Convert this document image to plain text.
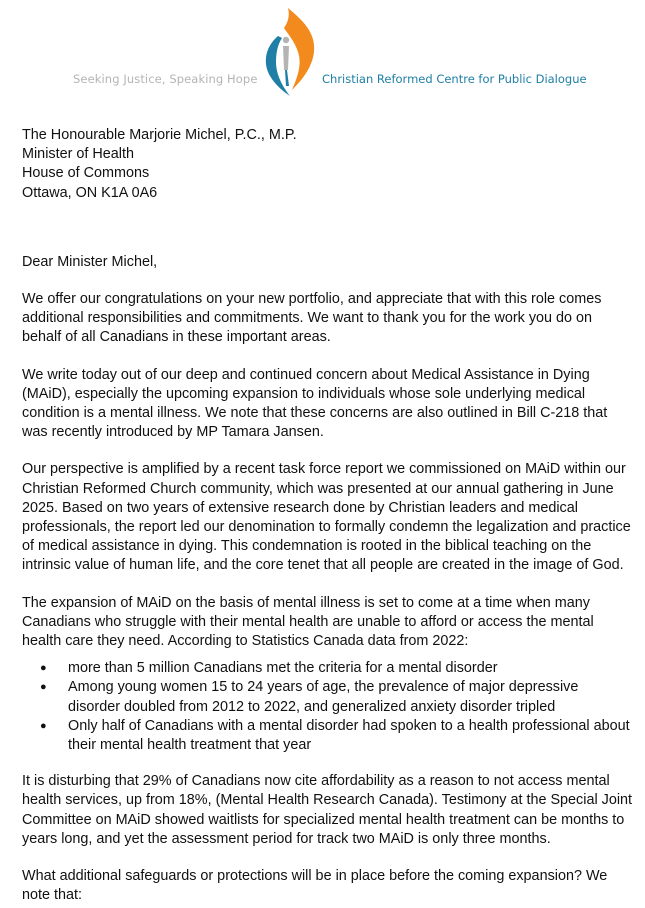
Seeking Justice, Speaking Hope	Christian Reformed Centre for Public Dialogue
The Honourable Marjorie Michel, P.C., M.P.
Minister of Health
House of Commons
Ottawa, ON K1A 0A6
Dear Minister Michel,

We offer our congratulations on your new portfolio, and appreciate that with this role comes additional responsibilities and commitments. We want to thank you for the work you do on behalf of all Canadians in these important areas.

We write today out of our deep and continued concern about Medical Assistance in Dying (MAiD), especially the upcoming expansion to individuals whose sole underlying medical condition is a mental illness. We note that these concerns are also outlined in Bill C-218 that was recently introduced by MP Tamara Jansen.

Our perspective is amplified by a recent task force report we commissioned on MAiD within our Christian Reformed Church community, which was presented at our annual gathering in June 2025. Based on two years of extensive research done by Christian leaders and medical professionals, the report led our denomination to formally condemn the legalization and practice of medical assistance in dying. This condemnation is rooted in the biblical teaching on the intrinsic value of human life, and the core tenet that all people are created in the image of God.

The expansion of MAiD on the basis of mental illness is set to come at a time when many Canadians who struggle with their mental health are unable to afford or access the mental health care they need. According to Statistics Canada data from 2022:

● more than 5 million Canadians met the criteria for a mental disorder
● Among young women 15 to 24 years of age, the prevalence of major depressive disorder doubled from 2012 to 2022, and generalized anxiety disorder tripled
● Only half of Canadians with a mental disorder had spoken to a health professional about their mental health treatment that year

It is disturbing that 29% of Canadians now cite affordability as a reason to not access mental health services, up from 18%, (Mental Health Research Canada). Testimony at the Special Joint Committee on MAiD showed waitlists for specialized mental health treatment can be months to years long, and yet the assessment period for track two MAiD is only three months.

What additional safeguards or protections will be in place before the coming expansion? We note that:
